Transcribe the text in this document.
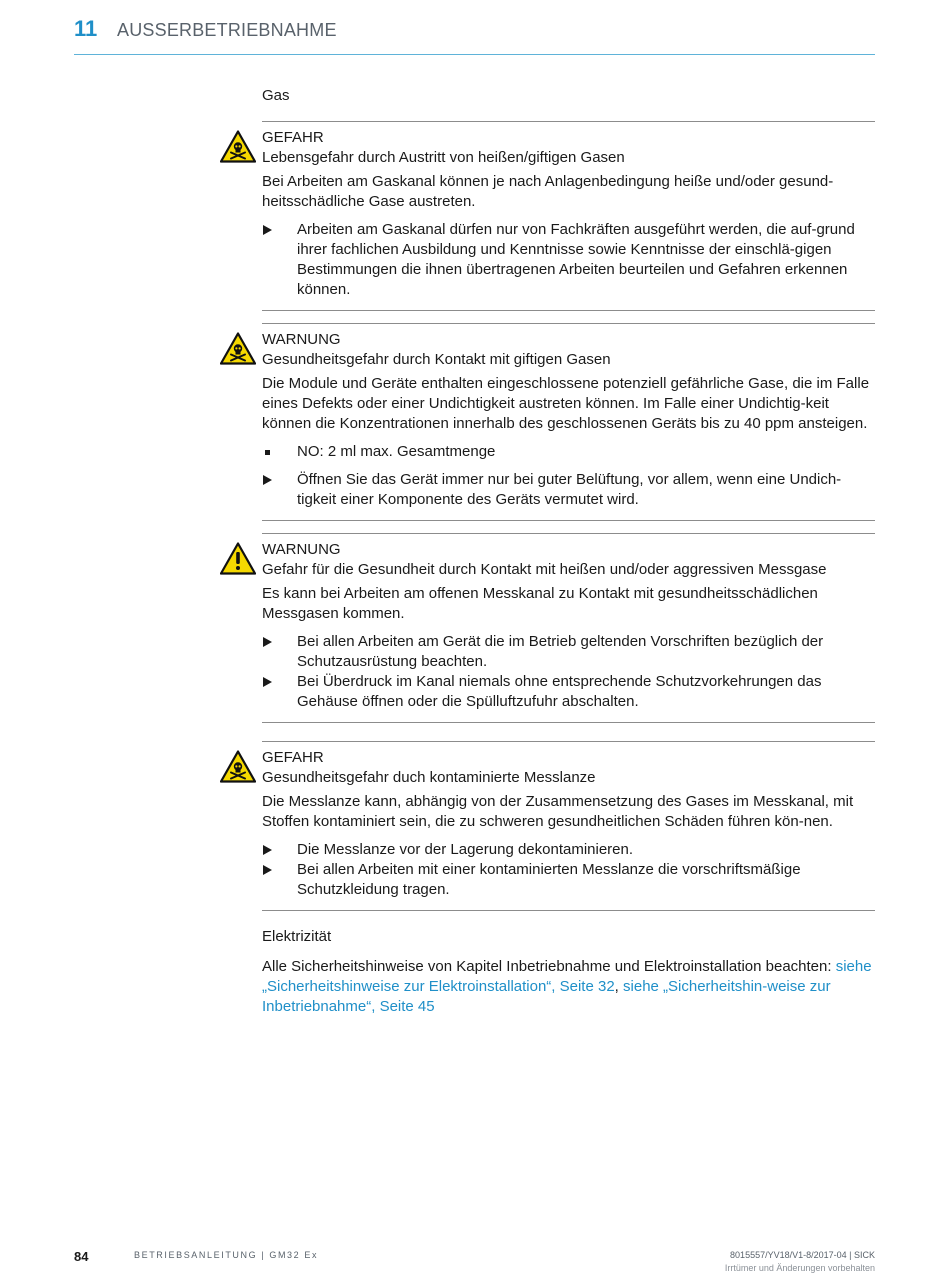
11 AUSSERBETRIEBNAHME

Gas

GEFAHR
Lebensgefahr durch Austritt von heißen/giftigen Gasen

Bei Arbeiten am Gaskanal können je nach Anlagenbedingung heiße und/oder gesund-heitsschädliche Gase austreten.

Arbeiten am Gaskanal dürfen nur von Fachkräften ausgeführt werden, die auf-grund ihrer fachlichen Ausbildung und Kenntnisse sowie Kenntnisse der einschlä-gigen Bestimmungen die ihnen übertragenen Arbeiten beurteilen und Gefahren erkennen können.
WARNUNG
Gesundheitsgefahr durch Kontakt mit giftigen Gasen

Die Module und Geräte enthalten eingeschlossene potenziell gefährliche Gase, die im Falle eines Defekts oder einer Undichtigkeit austreten können. Im Falle einer Undichtig-keit können die Konzentrationen innerhalb des geschlossenen Geräts bis zu 40 ppm ansteigen.

NO: 2 ml max. Gesamtmenge
Öffnen Sie das Gerät immer nur bei guter Belüftung, vor allem, wenn eine Undich-tigkeit einer Komponente des Geräts vermutet wird.
WARNUNG
Gefahr für die Gesundheit durch Kontakt mit heißen und/oder aggressiven Messgase

Es kann bei Arbeiten am offenen Messkanal zu Kontakt mit gesundheitsschädlichen Messgasen kommen.

Bei allen Arbeiten am Gerät die im Betrieb geltenden Vorschriften bezüglich der Schutzausrüstung beachten.
Bei Überdruck im Kanal niemals ohne entsprechende Schutzvorkehrungen das Gehäuse öffnen oder die Spülluftzufuhr abschalten.
GEFAHR
Gesundheitsgefahr duch kontaminierte Messlanze

Die Messlanze kann, abhängig von der Zusammensetzung des Gases im Messkanal, mit Stoffen kontaminiert sein, die zu schweren gesundheitlichen Schäden führen kön-nen.

Die Messlanze vor der Lagerung dekontaminieren.
Bei allen Arbeiten mit einer kontaminierten Messlanze die vorschriftsmäßige Schutzkleidung tragen.

Elektrizität

Alle Sicherheitshinweise von Kapitel Inbetriebnahme und Elektroinstallation beachten: siehe „Sicherheitshinweise zur Elektroinstallation“, Seite 32, siehe „Sicherheitshin-weise zur Inbetriebnahme“, Seite 45

84	BETRIEBSANLEITUNG | GM32 Ex	8015557/YV18/V1-8/2017-04 | SICK
Irrtümer und Änderungen vorbehalten
